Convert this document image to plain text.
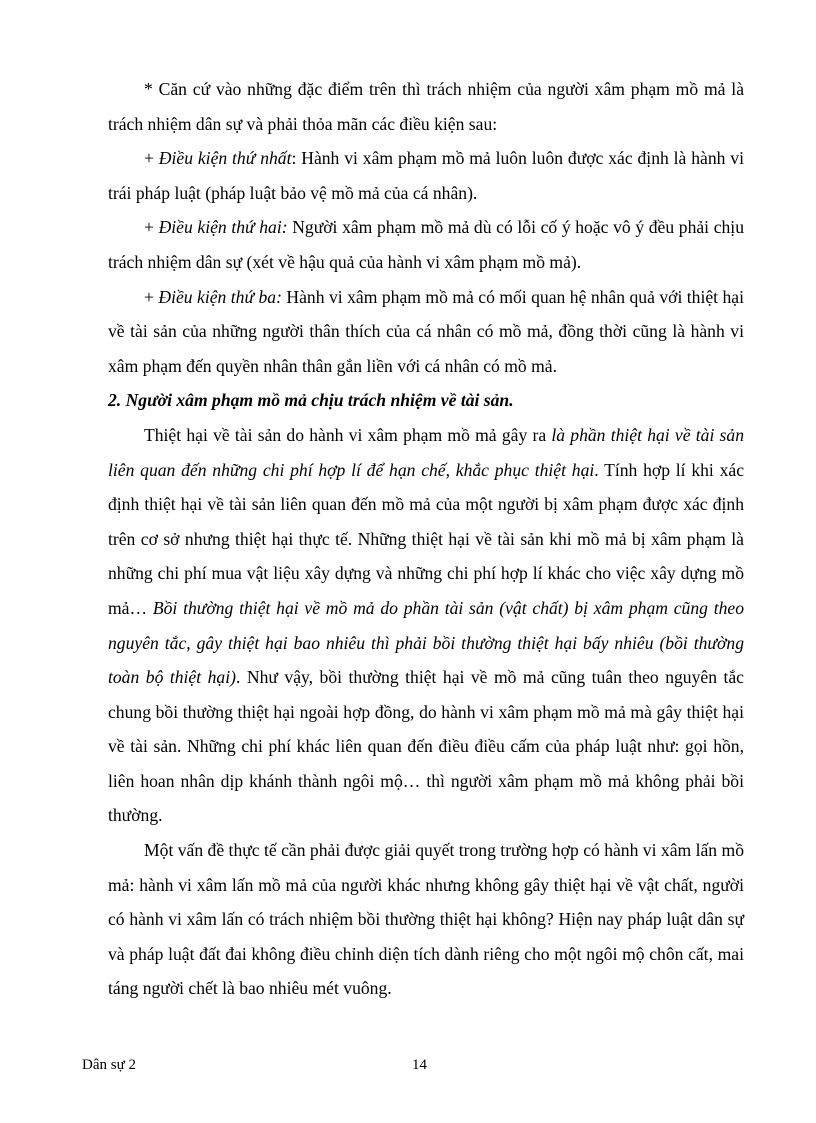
* Căn cứ vào những đặc điểm trên thì trách nhiệm của người xâm phạm mồ mả là trách nhiệm dân sự và phải thỏa mãn các điều kiện sau:

+ Điều kiện thứ nhất: Hành vi xâm phạm mồ mả luôn luôn được xác định là hành vi trái pháp luật (pháp luật bảo vệ mồ mả của cá nhân).

+ Điều kiện thứ hai: Người xâm phạm mồ mả dù có lỗi cố ý hoặc vô ý đều phải chịu trách nhiệm dân sự (xét về hậu quả của hành vi xâm phạm mồ mả).

+ Điều kiện thứ ba: Hành vi xâm phạm mồ mả có mối quan hệ nhân quả với thiệt hại về tài sản của những người thân thích của cá nhân có mồ mả, đồng thời cũng là hành vi xâm phạm đến quyền nhân thân gắn liền với cá nhân có mồ mả.

2. Người xâm phạm mồ mả chịu trách nhiệm về tài sản.

Thiệt hại về tài sản do hành vi xâm phạm mồ mả gây ra là phần thiệt hại về tài sản liên quan đến những chi phí hợp lí để hạn chế, khắc phục thiệt hại. Tính hợp lí khi xác định thiệt hại về tài sản liên quan đến mồ mả của một người bị xâm phạm được xác định trên cơ sở nhưng thiệt hại thực tế. Những thiệt hại về tài sản khi mồ mả bị xâm phạm là những chi phí mua vật liệu xây dựng và những chi phí hợp lí khác cho việc xây dựng mồ mả… Bồi thường thiệt hại về mồ mả do phần tài sản (vật chất) bị xâm phạm cũng theo nguyên tắc, gây thiệt hại bao nhiêu thì phải bồi thường thiệt hại bấy nhiêu (bồi thường toàn bộ thiệt hại). Như vậy, bồi thường thiệt hại về mồ mả cũng tuân theo nguyên tắc chung bồi thường thiệt hại ngoài hợp đồng, do hành vi xâm phạm mồ mả mà gây thiệt hại về tài sản. Những chi phí khác liên quan đến điều điều cấm của pháp luật như: gọi hồn, liên hoan nhân dịp khánh thành ngôi mộ… thì người xâm phạm mồ mả không phải bồi thường.

Một vấn đề thực tế cần phải được giải quyết trong trường hợp có hành vi xâm lấn mồ mả: hành vi xâm lấn mồ mả của người khác nhưng không gây thiệt hại về vật chất, người có hành vi xâm lấn có trách nhiệm bồi thường thiệt hại không? Hiện nay pháp luật dân sự và pháp luật đất đai không điều chỉnh diện tích dành riêng cho một ngôi mộ chôn cất, mai táng người chết là bao nhiêu mét vuông.

Dân sự 2	14
